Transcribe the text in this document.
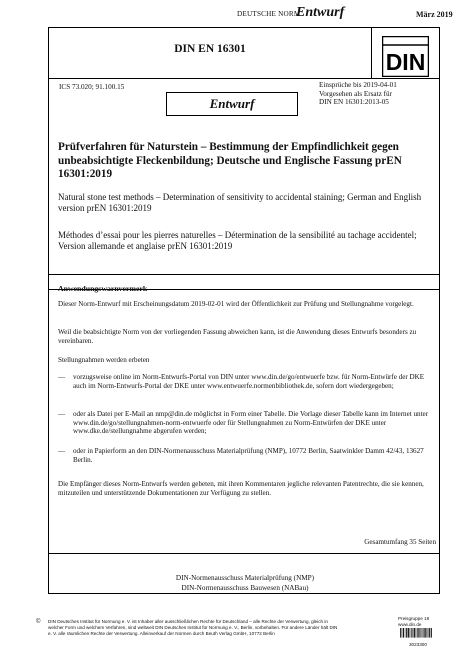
DEUTSCHE NORM
Entwurf	März 2019
DIN EN 16301	DIN
ICS 73.020; 91.100.15	Einsprüche bis 2019-04-01
Vorgesehen als Ersatz für
DIN EN 16301:2013-05
Entwurf
Prüfverfahren für Naturstein – Bestimmung der Empfindlichkeit gegen unbeabsichtigte Fleckenbildung; Deutsche und Englische Fassung prEN 16301:2019
Natural stone test methods – Determination of sensitivity to accidental staining; German and English version prEN 16301:2019
Méthodes d’essai pour les pierres naturelles – Détermination de la sensibilité au tachage accidentel; Version allemande et anglaise prEN 16301:2019
Anwendungswarnvermerk
Dieser Norm-Entwurf mit Erscheinungsdatum 2019-02-01 wird der Öffentlichkeit zur Prüfung und Stellungnahme vorgelegt.
Weil die beabsichtigte Norm von der vorliegenden Fassung abweichen kann, ist die Anwendung dieses Entwurfs besonders zu vereinbaren.
Stellungnahmen werden erbeten
— vorzugsweise online im Norm-Entwurfs-Portal von DIN unter www.din.de/go/entwuerfe bzw. für Norm-Entwürfe der DKE auch im Norm-Entwurfs-Portal der DKE unter www.entwuerfe.normenbibliothek.de, sofern dort wiedergegeben;
— oder als Datei per E-Mail an nmp@din.de möglichst in Form einer Tabelle. Die Vorlage dieser Tabelle kann im Internet unter www.din.de/go/stellungnahmen-norm-entwuerfe oder für Stellungnahmen zu Norm-Entwürfen der DKE unter www.dke.de/stellungnahme abgerufen werden;
— oder in Papierform an den DIN-Normenausschuss Materialprüfung (NMP), 10772 Berlin, Saatwinkler Damm 42/43, 13627 Berlin.
Die Empfänger dieses Norm-Entwurfs werden gebeten, mit ihren Kommentaren jegliche relevanten Patentrechte, die sie kennen, mitzuteilen und unterstützende Dokumentationen zur Verfügung zu stellen.
Gesamtumfang 35 Seiten
DIN-Normenausschuss Materialprüfung (NMP)
DIN-Normenausschuss Bauwesen (NABau)
© DIN Deutsches Institut für Normung e. V. ist Inhaber aller ausschließlichen Rechte für Deutschland – alle Rechte der Verwertung, gleich in welcher Form und welchem Verfahren, sind weltweit DIN Deutsches Institut für Normung e. V., Berlin, vorbehalten. Für andere Länder hält DIN e. V. alle räumlichen Rechte der Verwertung. Alleinverkauf der Normen durch Beuth Verlag GmbH, 10772 Berlin
Preisgruppe 18
www.din.de
3023300
